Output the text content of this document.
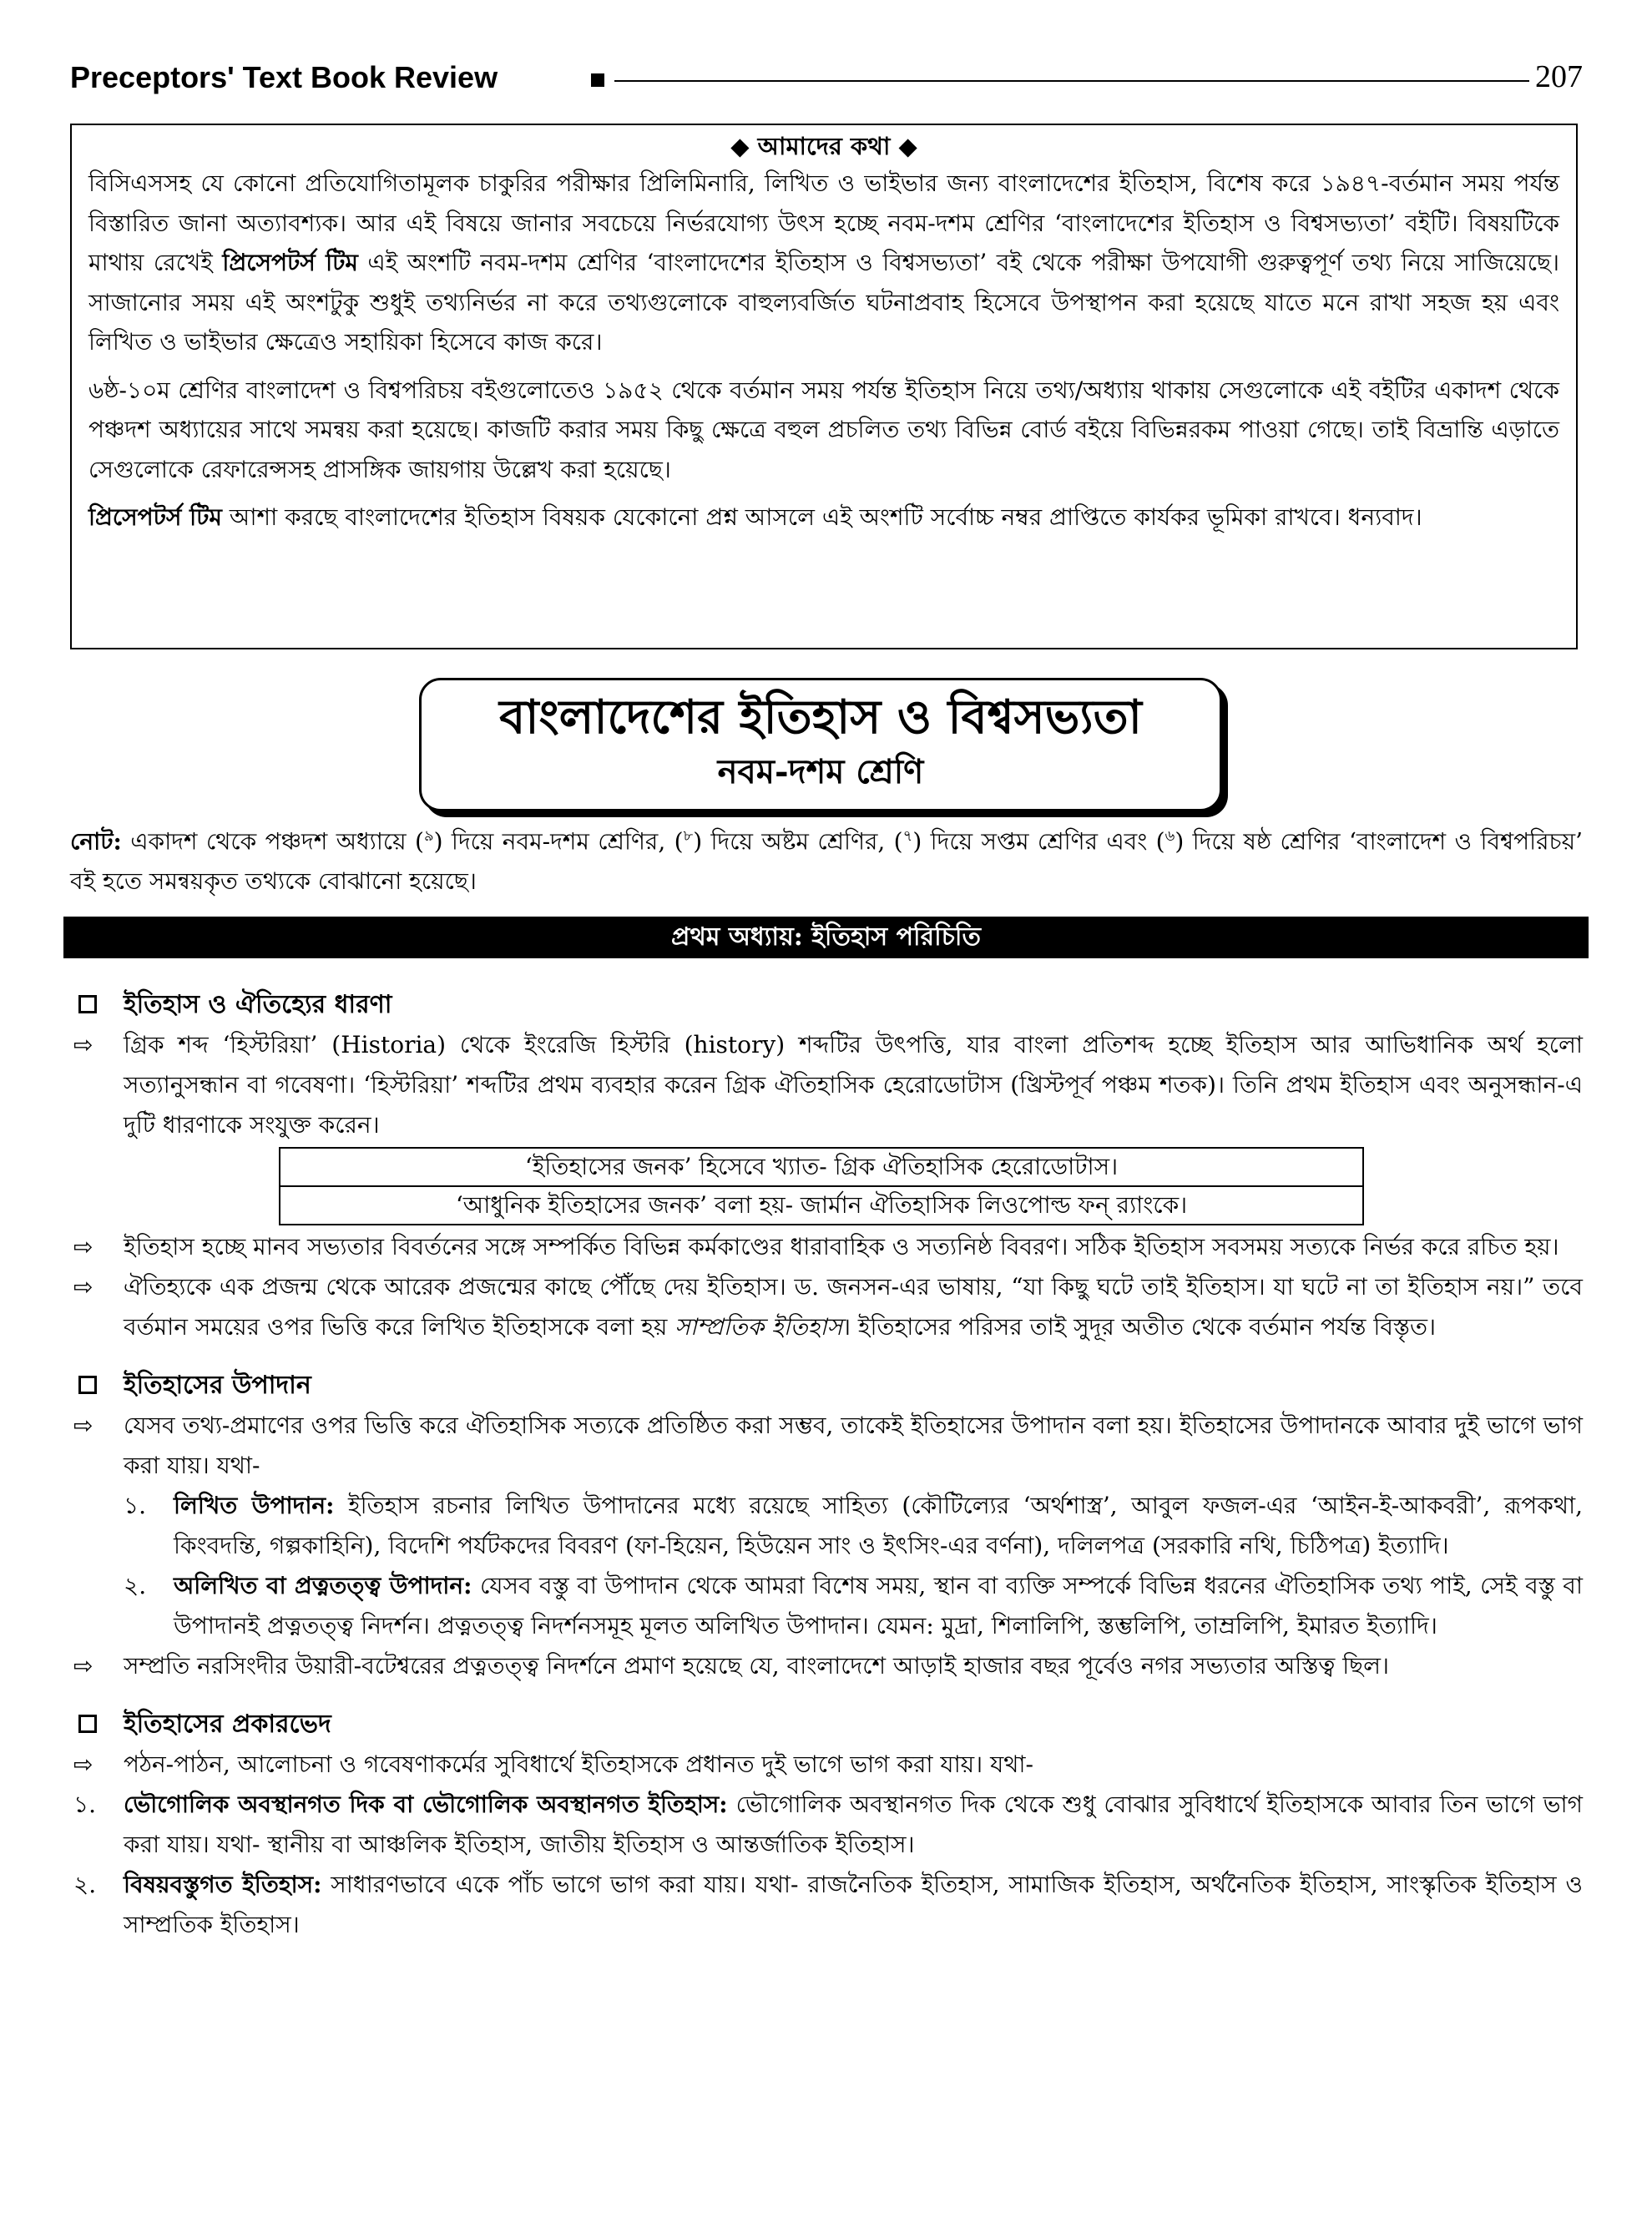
Preceptors' Text Book Review	207
◆ আমাদের কথা ◆

বিসিএসসহ যে কোনো প্রতিযোগিতামূলক চাকুরির পরীক্ষার প্রিলিমিনারি, লিখিত ও ভাইভার জন্য বাংলাদেশের ইতিহাস, বিশেষ করে ১৯৪৭-বর্তমান সময় পর্যন্ত বিস্তারিত জানা অত্যাবশ্যক। আর এই বিষয়ে জানার সবচেয়ে নির্ভরযোগ্য উৎস হচ্ছে নবম-দশম শ্রেণির ‘বাংলাদেশের ইতিহাস ও বিশ্বসভ্যতা’ বইটি। বিষয়টিকে মাথায় রেখেই প্রিসেপটর্স টিম এই অংশটি নবম-দশম শ্রেণির ‘বাংলাদেশের ইতিহাস ও বিশ্বসভ্যতা’ বই থেকে পরীক্ষা উপযোগী গুরুত্বপূর্ণ তথ্য নিয়ে সাজিয়েছে। সাজানোর সময় এই অংশটুকু শুধুই তথ্যনির্ভর না করে তথ্যগুলোকে বাহুল্যবর্জিত ঘটনাপ্রবাহ হিসেবে উপস্থাপন করা হয়েছে যাতে মনে রাখা সহজ হয় এবং লিখিত ও ভাইভার ক্ষেত্রেও সহায়িকা হিসেবে কাজ করে।

৬ষ্ঠ-১০ম শ্রেণির বাংলাদেশ ও বিশ্বপরিচয় বইগুলোতেও ১৯৫২ থেকে বর্তমান সময় পর্যন্ত ইতিহাস নিয়ে তথ্য/অধ্যায় থাকায় সেগুলোকে এই বইটির একাদশ থেকে পঞ্চদশ অধ্যায়ের সাথে সমন্বয় করা হয়েছে। কাজটি করার সময় কিছু ক্ষেত্রে বহুল প্রচলিত তথ্য বিভিন্ন বোর্ড বইয়ে বিভিন্নরকম পাওয়া গেছে। তাই বিভ্রান্তি এড়াতে সেগুলোকে রেফারেন্সসহ প্রাসঙ্গিক জায়গায় উল্লেখ করা হয়েছে।

প্রিসেপটর্স টিম আশা করছে বাংলাদেশের ইতিহাস বিষয়ক যেকোনো প্রশ্ন আসলে এই অংশটি সর্বোচ্চ নম্বর প্রাপ্তিতে কার্যকর ভূমিকা রাখবে। ধন্যবাদ।

বাংলাদেশের ইতিহাস ও বিশ্বসভ্যতা
নবম-দশম শ্রেণি
নোট: একাদশ থেকে পঞ্চদশ অধ্যায়ে ($^৯$) দিয়ে নবম-দশম শ্রেণির, ($^৮$) দিয়ে অষ্টম শ্রেণির, ($^৭$) দিয়ে সপ্তম শ্রেণির এবং ($^৬$) দিয়ে ষষ্ঠ শ্রেণির ‘বাংলাদেশ ও বিশ্বপরিচয়’ বই হতে সমন্বয়কৃত তথ্যকে বোঝানো হয়েছে।
প্রথম অধ্যায়: ইতিহাস পরিচিতি
ইতিহাস ও ঐতিহ্যের ধারণা
⇨ গ্রিক শব্দ ‘হিস্টরিয়া’ (Historia) থেকে ইংরেজি হিস্টরি (history) শব্দটির উৎপত্তি, যার বাংলা প্রতিশব্দ হচ্ছে ইতিহাস আর আভিধানিক অর্থ হলো সত্যানুসন্ধান বা গবেষণা। ‘হিস্টরিয়া’ শব্দটির প্রথম ব্যবহার করেন গ্রিক ঐতিহাসিক হেরোডোটাস (খ্রিস্টপূর্ব পঞ্চম শতক)। তিনি প্রথম ইতিহাস এবং অনুসন্ধান-এ দুটি ধারণাকে সংযুক্ত করেন।
‘ইতিহাসের জনক’ হিসেবে খ্যাত- গ্রিক ঐতিহাসিক হেরোডোটাস।
‘আধুনিক ইতিহাসের জনক’ বলা হয়- জার্মান ঐতিহাসিক লিওপোল্ড ফন্ র‍্যাংকে।
⇨ ইতিহাস হচ্ছে মানব সভ্যতার বিবর্তনের সঙ্গে সম্পর্কিত বিভিন্ন কর্মকাণ্ডের ধারাবাহিক ও সত্যনিষ্ঠ বিবরণ। সঠিক ইতিহাস সবসময় সত্যকে নির্ভর করে রচিত হয়।
⇨ ঐতিহ্যকে এক প্রজন্ম থেকে আরেক প্রজন্মের কাছে পৌঁছে দেয় ইতিহাস। ড. জনসন-এর ভাষায়, “যা কিছু ঘটে তাই ইতিহাস। যা ঘটে না তা ইতিহাস নয়।” তবে বর্তমান সময়ের ওপর ভিত্তি করে লিখিত ইতিহাসকে বলা হয় সাম্প্রতিক ইতিহাস। ইতিহাসের পরিসর তাই সুদূর অতীত থেকে বর্তমান পর্যন্ত বিস্তৃত।
ইতিহাসের উপাদান
⇨ যেসব তথ্য-প্রমাণের ওপর ভিত্তি করে ঐতিহাসিক সত্যকে প্রতিষ্ঠিত করা সম্ভব, তাকেই ইতিহাসের উপাদান বলা হয়। ইতিহাসের উপাদানকে আবার দুই ভাগে ভাগ করা যায়। যথা-
১. লিখিত উপাদান: ইতিহাস রচনার লিখিত উপাদানের মধ্যে রয়েছে সাহিত্য (কৌটিল্যের ‘অর্থশাস্ত্র’, আবুল ফজল-এর ‘আইন-ই-আকবরী’, রূপকথা, কিংবদন্তি, গল্পকাহিনি), বিদেশি পর্যটকদের বিবরণ (ফা-হিয়েন, হিউয়েন সাং ও ইৎসিং-এর বর্ণনা), দলিলপত্র (সরকারি নথি, চিঠিপত্র) ইত্যাদি।
২. অলিখিত বা প্রত্নতত্ত্ব উপাদান: যেসব বস্তু বা উপাদান থেকে আমরা বিশেষ সময়, স্থান বা ব্যক্তি সম্পর্কে বিভিন্ন ধরনের ঐতিহাসিক তথ্য পাই, সেই বস্তু বা উপাদানই প্রত্নতত্ত্ব নিদর্শন। প্রত্নতত্ত্ব নিদর্শনসমূহ মূলত অলিখিত উপাদান। যেমন: মুদ্রা, শিলালিপি, স্তম্ভলিপি, তাম্রলিপি, ইমারত ইত্যাদি।
⇨ সম্প্রতি নরসিংদীর উয়ারী-বটেশ্বরের প্রত্নতত্ত্ব নিদর্শনে প্রমাণ হয়েছে যে, বাংলাদেশে আড়াই হাজার বছর পূর্বেও নগর সভ্যতার অস্তিত্ব ছিল।
ইতিহাসের প্রকারভেদ
⇨ পঠন-পাঠন, আলোচনা ও গবেষণাকর্মের সুবিধার্থে ইতিহাসকে প্রধানত দুই ভাগে ভাগ করা যায়। যথা-
১. ভৌগোলিক অবস্থানগত দিক বা ভৌগোলিক অবস্থানগত ইতিহাস: ভৌগোলিক অবস্থানগত দিক থেকে শুধু বোঝার সুবিধার্থে ইতিহাসকে আবার তিন ভাগে ভাগ করা যায়। যথা- স্থানীয় বা আঞ্চলিক ইতিহাস, জাতীয় ইতিহাস ও আন্তর্জাতিক ইতিহাস।
২. বিষয়বস্তুগত ইতিহাস: সাধারণভাবে একে পাঁচ ভাগে ভাগ করা যায়। যথা- রাজনৈতিক ইতিহাস, সামাজিক ইতিহাস, অর্থনৈতিক ইতিহাস, সাংস্কৃতিক ইতিহাস ও সাম্প্রতিক ইতিহাস।
